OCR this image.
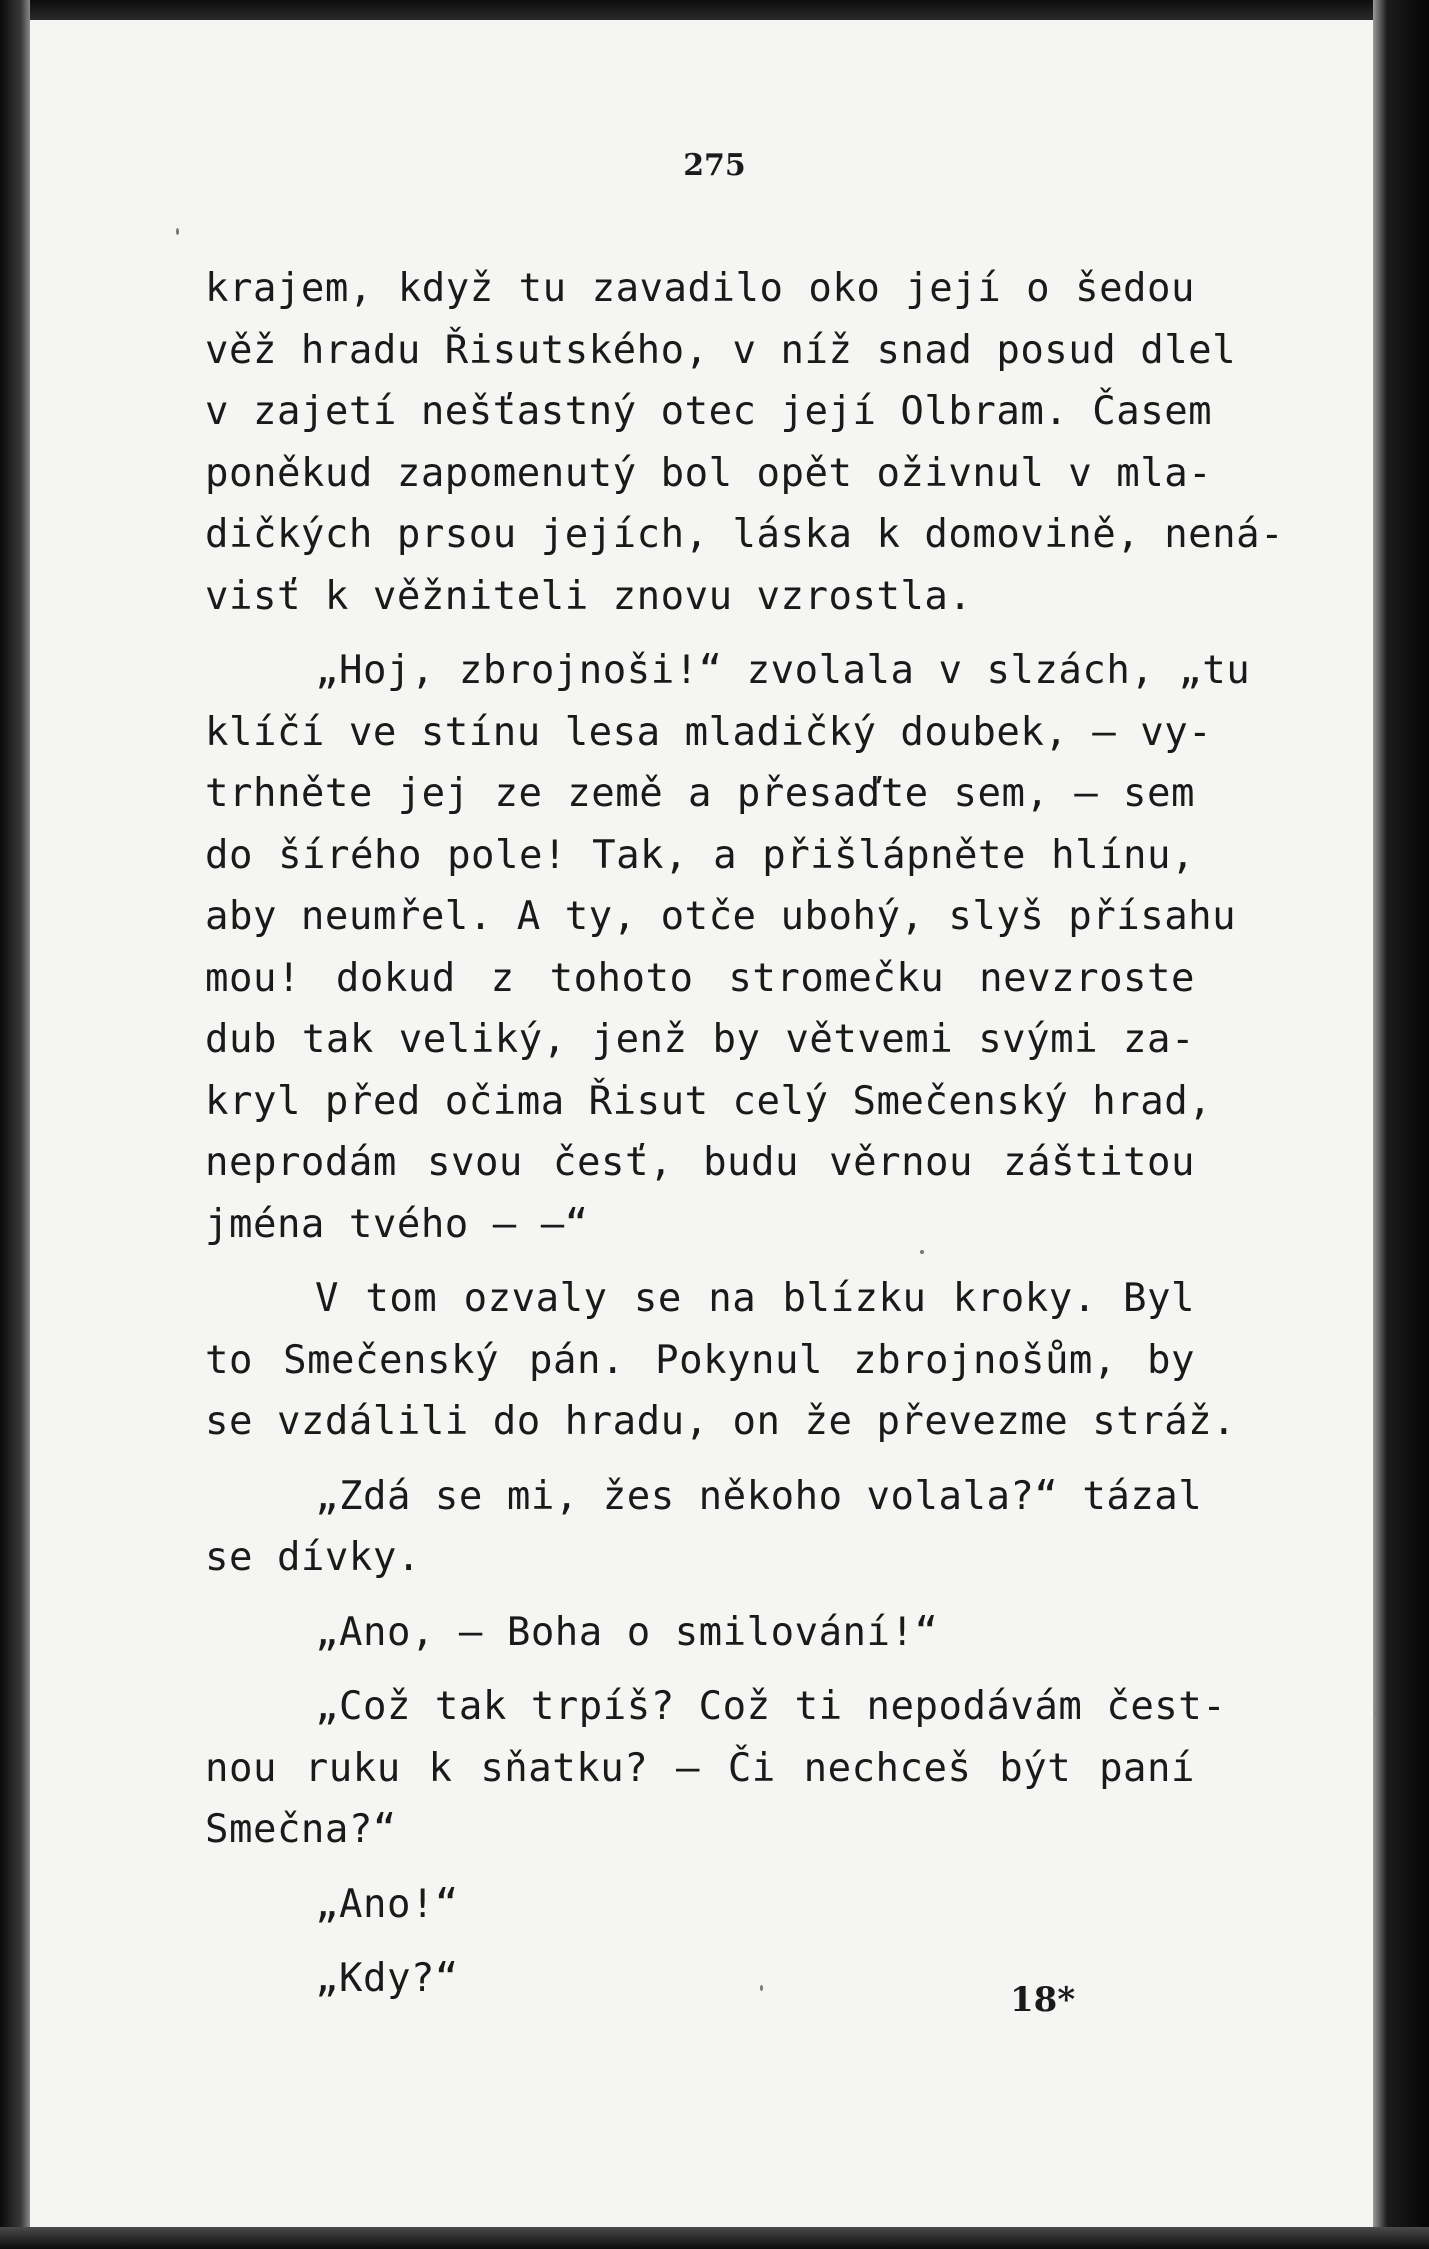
275
krajem, když tu zavadilo oko její o šedou
věž hradu Řisutského, v níž snad posud dlel
v zajetí nešťastný otec její Olbram. Časem
poněkud zapomenutý bol opět oživnul v mla-
dičkých prsou jejích, láska k domovině, nená-
visť k věžniteli znovu vzrostla.
„Hoj, zbrojnoši!“ zvolala v slzách, „tu
klíčí ve stínu lesa mladičký doubek, — vy-
trhněte jej ze země a přesaďte sem, — sem
do šírého pole! Tak, a přišlápněte hlínu,
aby neumřel. A ty, otče ubohý, slyš přísahu
mou! dokud z tohoto stromečku nevzroste
dub tak veliký, jenž by větvemi svými za-
kryl před očima Řisut celý Smečenský hrad,
neprodám svou česť, budu věrnou záštitou
jména tvého — —“
V tom ozvaly se na blízku kroky. Byl
to Smečenský pán. Pokynul zbrojnošům, by
se vzdálili do hradu, on že převezme stráž.
„Zdá se mi, žes někoho volala?“ tázal
se dívky.
„Ano, — Boha o smilování!“
„Což tak trpíš? Což ti nepodávám čest-
nou ruku k sňatku? — Či nechceš být paní
Smečna?“
„Ano!“
„Kdy?“	18*
